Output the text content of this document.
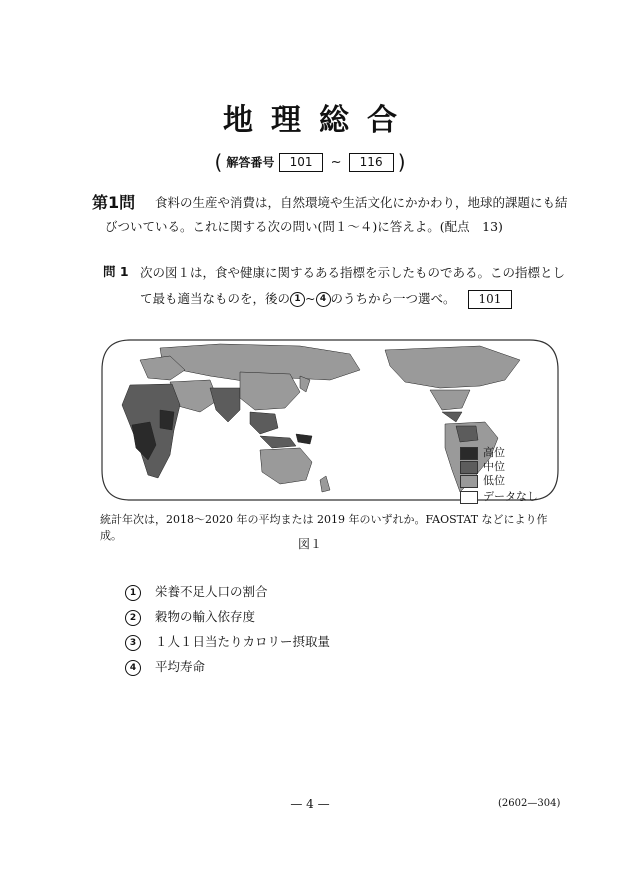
地理総合
( 解答番号 101 ~ 116 )
第1問 食料の生産や消費は，自然環境や生活文化にかかわり，地球的課題にも結
びついている。これに関する次の問い(問１～４)に答えよ。(配点　13)
問 1 次の図１は，食や健康に関するある指標を示したものである。この指標とし
て最も適当なものを，後の 1 ~ 4 のうちから一つ選べ。 101
高位
中位
低位
データなし
統計年次は，2018～2020 年の平均または 2019 年のいずれか。FAOSTAT などにより作成。
図１
1 栄養不足人口の割合
2 穀物の輸入依存度
3 １人１日当たりカロリー摂取量
4 平均寿命
— 4 —	(2602—304)
